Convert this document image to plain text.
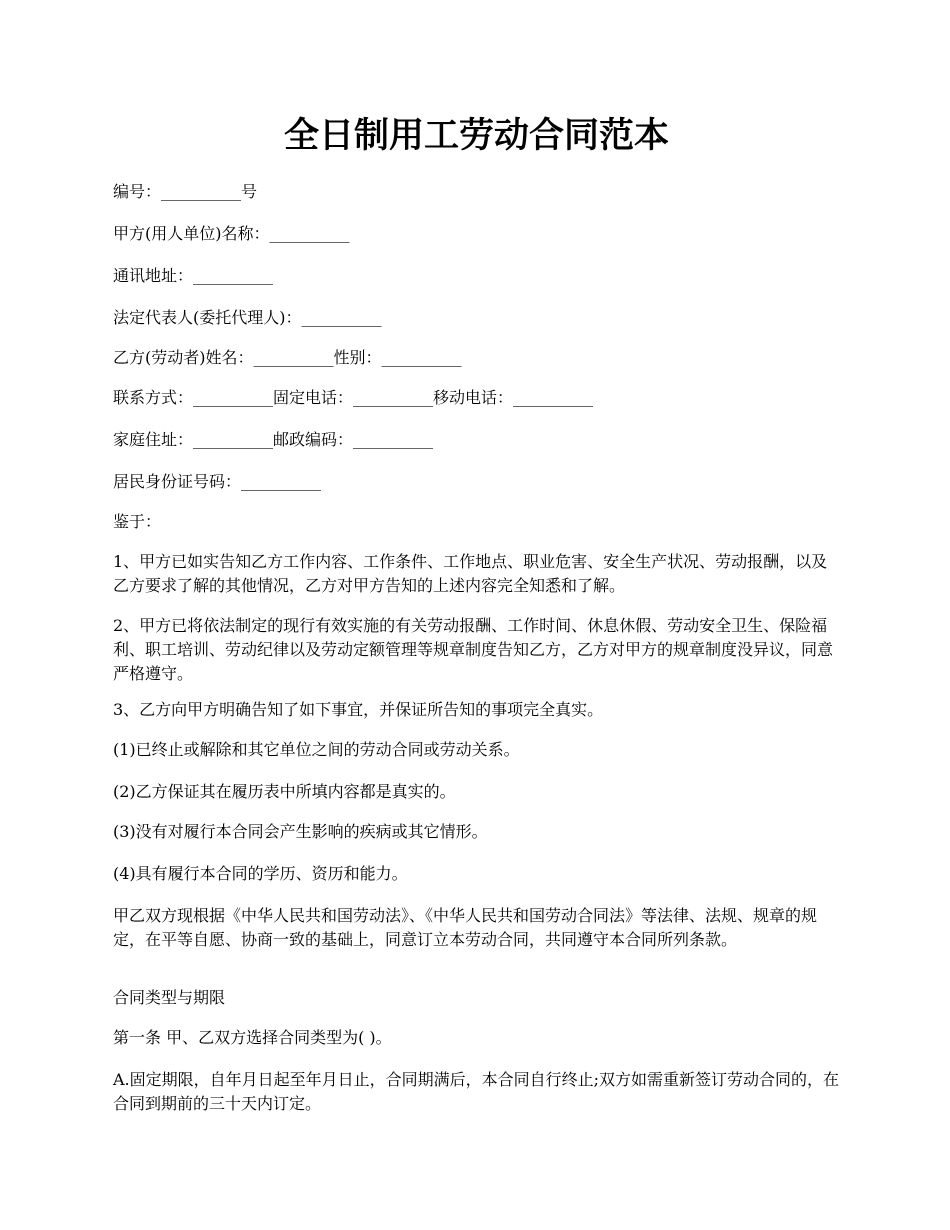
全日制用工劳动合同范本

编号：__________号

甲方(用人单位)名称：__________

通讯地址：__________

法定代表人(委托代理人)：__________

乙方(劳动者)姓名：__________性别：__________

联系方式：__________固定电话：__________移动电话：__________

家庭住址：__________邮政编码：__________

居民身份证号码：__________

鉴于：

1、甲方已如实告知乙方工作内容、工作条件、工作地点、职业危害、安全生产状况、劳动报酬，以及乙方要求了解的其他情况，乙方对甲方告知的上述内容完全知悉和了解。

2、甲方已将依法制定的现行有效实施的有关劳动报酬、工作时间、休息休假、劳动安全卫生、保险福利、职工培训、劳动纪律以及劳动定额管理等规章制度告知乙方，乙方对甲方的规章制度没异议，同意严格遵守。

3、乙方向甲方明确告知了如下事宜，并保证所告知的事项完全真实。

(1)已终止或解除和其它单位之间的劳动合同或劳动关系。

(2)乙方保证其在履历表中所填内容都是真实的。

(3)没有对履行本合同会产生影响的疾病或其它情形。

(4)具有履行本合同的学历、资历和能力。

甲乙双方现根据《中华人民共和国劳动法》、《中华人民共和国劳动合同法》等法律、法规、规章的规定，在平等自愿、协商一致的基础上，同意订立本劳动合同，共同遵守本合同所列条款。

合同类型与期限

第一条 甲、乙双方选择合同类型为( )。

A.固定期限，自年月日起至年月日止，合同期满后，本合同自行终止;双方如需重新签订劳动合同的，在合同到期前的三十天内订定。
